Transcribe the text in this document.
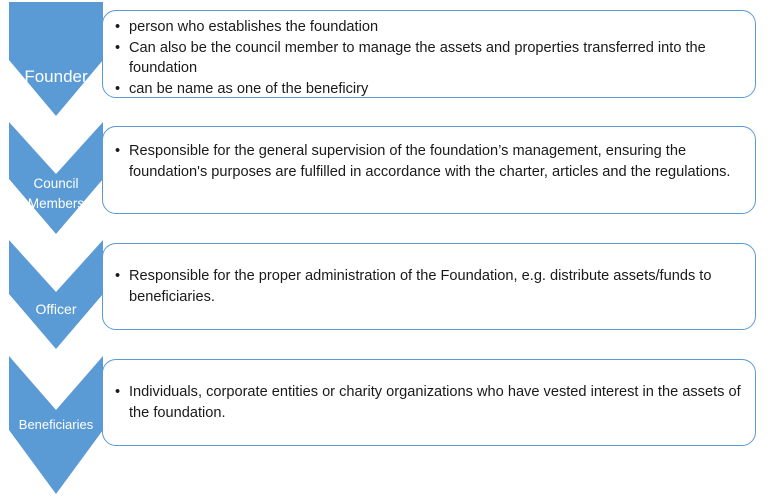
Founder
Council
Members
Officer
Beneficiaries
• person who establishes the foundation
• Can also be the council member to manage the assets and properties transferred into the foundation
• can be name as one of the beneficiry
• Responsible for the general supervision of the foundation’s management, ensuring the foundation's purposes are fulfilled in accordance with the charter, articles and the regulations.
• Responsible for the proper administration of the Foundation, e.g. distribute assets/funds to beneficiaries.
• Individuals, corporate entities or charity organizations who have vested interest in the assets of the foundation.
